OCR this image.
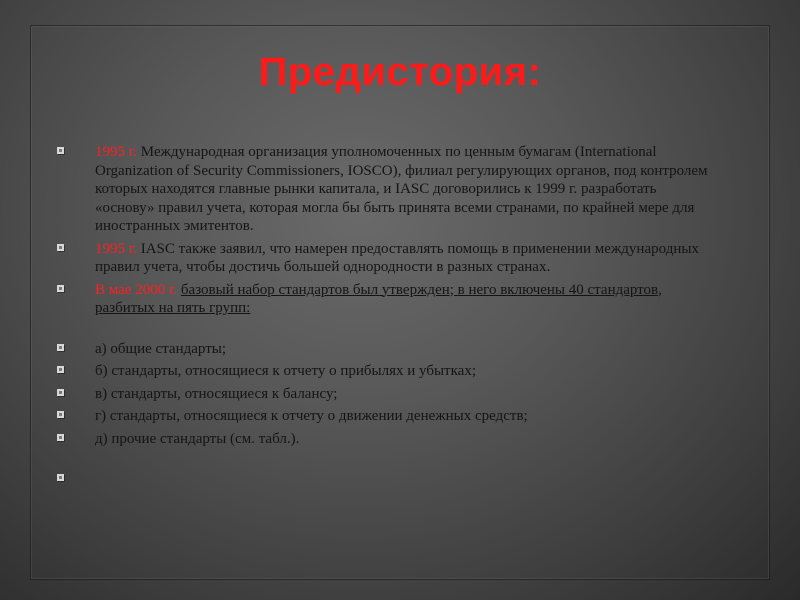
Предистория:
1995 г. Международная организация уполномоченных по ценным бумагам (International Organization of Security Commissioners, IOSCO), филиал регулирующих органов, под контролем которых находятся главные рынки капитала, и IASC договорились к 1999 г. разработать «основу» правил учета, которая могла бы быть принята всеми странами, по крайней мере для иностранных эмитентов.
1995 г. IASC также заявил, что намерен предоставлять помощь в применении международных правил учета, чтобы достичь большей однородности в разных странах.
В мае 2000 г. базовый набор стандартов был утвержден; в него включены 40 стандартов, разбитых на пять групп:
а) общие стандарты;
б) стандарты, относящиеся к отчету о прибылях и убытках;
в) стандарты, относящиеся к балансу;
г) стандарты, относящиеся к отчету о движении денежных средств;
д) прочие стандарты (см. табл.).
